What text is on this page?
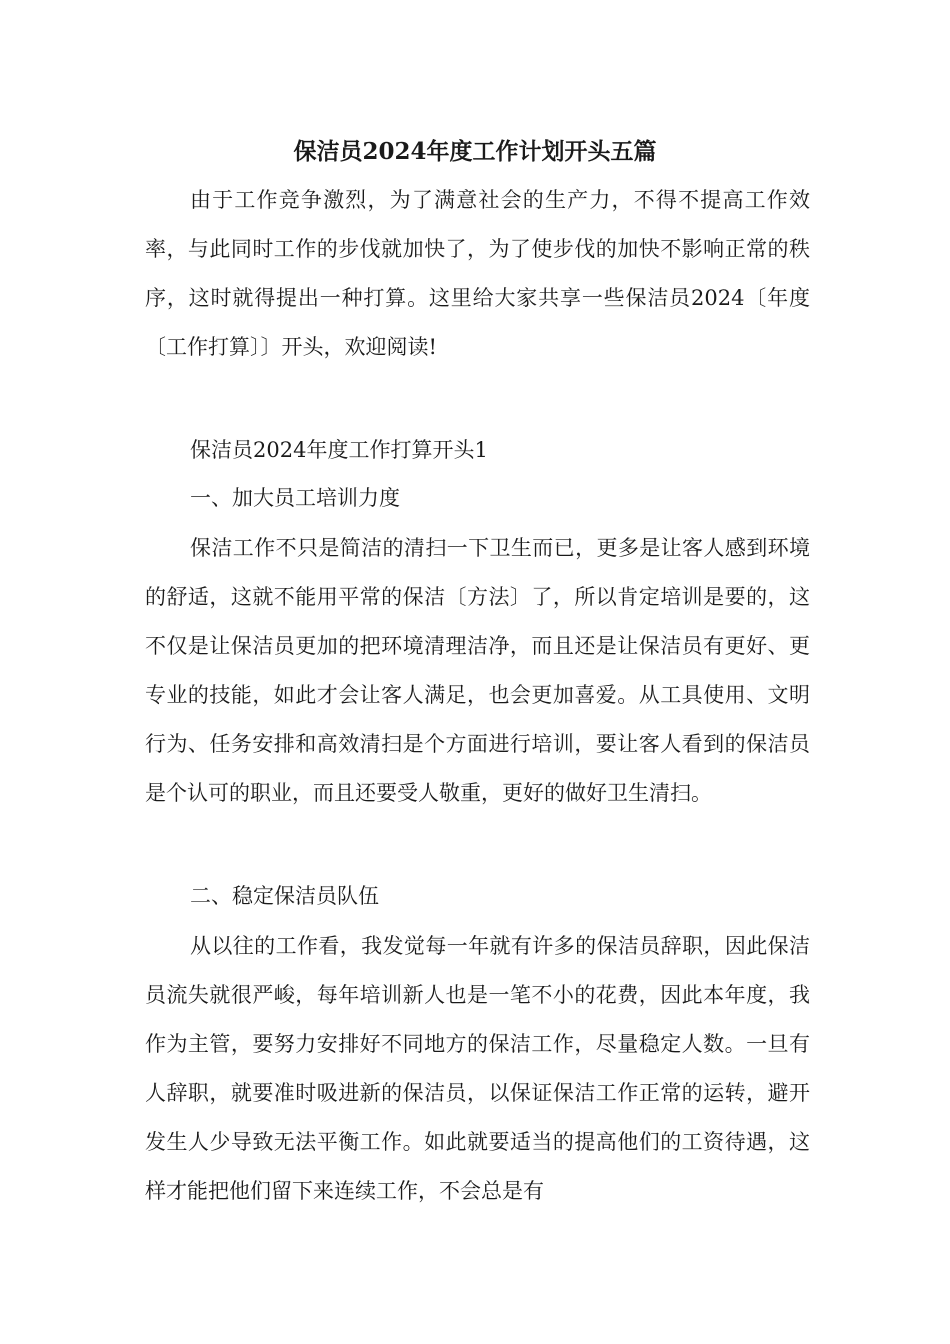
保洁员2024年度工作计划开头五篇

由于工作竞争激烈，为了满意社会的生产力，不得不提高工作效率，与此同时工作的步伐就加快了，为了使步伐的加快不影响正常的秩序，这时就得提出一种打算。这里给大家共享一些保洁员2024〔年度〔工作打算〕〕开头，欢迎阅读!

保洁员2024年度工作打算开头1

一、加大员工培训力度

保洁工作不只是简洁的清扫一下卫生而已，更多是让客人感到环境的舒适，这就不能用平常的保洁〔方法〕了，所以肯定培训是要的，这不仅是让保洁员更加的把环境清理洁净，而且还是让保洁员有更好、更专业的技能，如此才会让客人满足，也会更加喜爱。从工具使用、文明行为、任务安排和高效清扫是个方面进行培训，要让客人看到的保洁员是个认可的职业，而且还要受人敬重，更好的做好卫生清扫。

二、稳定保洁员队伍

从以往的工作看，我发觉每一年就有许多的保洁员辞职，因此保洁员流失就很严峻，每年培训新人也是一笔不小的花费，因此本年度，我作为主管，要努力安排好不同地方的保洁工作，尽量稳定人数。一旦有人辞职，就要准时吸进新的保洁员，以保证保洁工作正常的运转，避开发生人少导致无法平衡工作。如此就要适当的提高他们的工资待遇，这样才能把他们留下来连续工作，不会总是有
